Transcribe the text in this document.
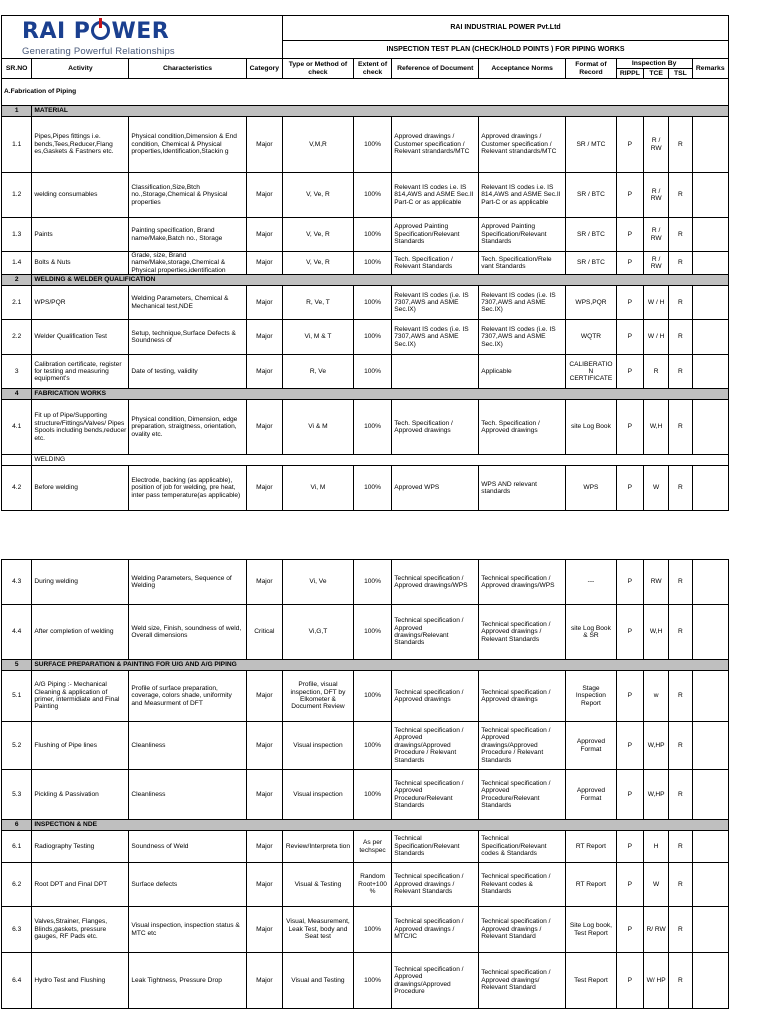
RAI P WER
Generating Powerful Relationships				RAI INDUSTRIAL POWER Pvt.Ltd								
				INSPECTION TEST PLAN (CHECK/HOLD POINTS ) FOR PIPING WORKS								

SR.NO	Activity	Characteristics	Category	Type or Method of check	Extent of check	Reference of Document	Acceptance Norms	Format of Record	Inspection By			Remarks
									RIPPL	TCE	TSL	
A.Fabrication of Piping												
1	MATERIAL											
1.1	Pipes,Pipes fittings i.e. bends,Tees,Reducer,Flang es,Gaskets & Fastners etc.	Physical condition,Dimension & End condition, Chemical & Physical properties,Identification,Stackin g	Major	V,M,R	100%	Approved drawings / Customer specification / Relevant strandards/MTC	Approved drawings / Customer specification / Relevant strandards/MTC	SR / MTC	P	R / RW	R	
1.2	welding consumables	Classification,Size,Btch no.,Storage,Chemical & Physical properties	Major	V, Ve, R	100%	Relevant IS codes i.e. IS 814,AWS and ASME Sec.II Part-C or as applicable	Relevant IS codes i.e. IS 814,AWS and ASME Sec.II Part-C or as applicable	SR / BTC	P	R / RW	R	
1.3	Paints	Painting specification, Brand name/Make,Batch no., Storage	Major	V, Ve, R	100%	Approved Painting Specification/Relevant Standards	Approved Painting Specification/Relevant Standards	SR / BTC	P	R / RW	R	
1.4	Bolts & Nuts	Grade, size, Brand name/Make,storage,Chemical & Physical properties,identification	Major	V, Ve, R	100%	Tech. Specification / Relevant Standards	Tech. Specification/Rele vant Standards	SR / BTC	P	R / RW	R	
2	WELDING & WELDER QUALIFICATION											
2.1	WPS/PQR	Welding Parameters, Chemical & Mechanical test,NDE	Major	R, Ve, T	100%	Relevant IS codes (i.e. IS 7307,AWS and ASME Sec.IX)	Relevant IS codes (i.e. IS 7307,AWS and ASME Sec.IX)	WPS,PQR	P	W / H	R	
2.2	Welder Qualification Test	Setup, technique,Surface Defects & Soundness of	Major	Vi, M & T	100%	Relevant IS codes (i.e. IS 7307,AWS and ASME Sec.IX)	Relevant IS codes (i.e. IS 7307,AWS and ASME Sec.IX)	WQTR	P	W / H	R	
3	Calibration certificate, register for testing and measuring equipment's	Date of testing, validity	Major	R, Ve	100%		Applicable	CALIBERATIO N CERTIFICATE	P	R	R	
4	FABRICATION WORKS											
4.1	Fit up of Pipe/Supporting structure/Fittings/Valves/ Pipes Spools including bends,reducer etc.	Physical condition, Dimension, edge preparation, straigtness, orientation, ovality etc.	Major	Vi & M	100%	Tech. Specification / Approved drawings	Tech. Specification / Approved drawings	site Log Book	P	W,H	R	
	WELDING											
4.2	Before welding	Electrode, backing (as applicable), position of job for welding, pre heat, inter pass temperature(as applicable)	Major	Vi, M	100%	Approved WPS	WPS AND relevant standards	WPS	P	W	R	
4.3	During welding	Welding Parameters, Sequence of Welding	Major	Vi, Ve	100%	Technical specification / Approved drawings/WPS	Technical specification / Approved drawings/WPS	---	P	RW	R	
4.4	After completion of welding	Weld size, Finish, soundness of weld, Overall dimensions	Critical	Vi,G,T	100%	Technical specification / Approved drawings/Relevant Standards	Technical specification / Approved drawings / Relevant Standards	site Log Book & SR	P	W,H	R	
5	SURFACE PREPARATION & PAINTING FOR U/G AND A/G PIPING											
5.1	A/G Piping :- Mechanical Cleaning & application of primer, intermidiate and Final Painting	Profile of surface preparation, coverage, colors shade, uniformity and Measurment of DFT	Major	Profile, visual inspection, DFT by Elkometer & Document Review	100%	Technical specification / Approved drawings	Technical specification / Approved drawings	Stage Inspection Report	P	w	R	
5.2	Flushing of Pipe lines	Cleanliness	Major	Visual inspection	100%	Technical specification / Approved drawings/Approved Procedure / Relevant Standards	Technical specification / Approved drawings/Approved Procedure / Relevant Standards	Approved Format	P	W,HP	R	
5.3	Pickling & Passivation	Cleanliness	Major	Visual inspection	100%	Technical specification / Approved Procedure/Relevant Standards	Technical specification / Approved Procedure/Relevant Standards	Approved Format	P	W,HP	R	
6	INSPECTION & NDE											
6.1	Radiography Testing	Soundness of Weld	Major	Review/Interpreta tion	As per techspec	Technical Specification/Relevant Standards	Technical Specification/Relevant codes & Standards	RT Report	P	H	R	
6.2	Root DPT and Final DPT	Surface defects	Major	Visual & Testing	Random Root+100 %	Technical specification / Approved drawings / Relevant Standards	Technical specification / Relevant codes & Standards	RT Report	P	W	R	
6.3	Valves,Strainer, Flanges, Blinds,gaskets, pressure gauges, RF Pads etc.	Visual inspection, inspection status & MTC etc	Major	Visual, Measurement, Leak Test, body and Seat test	100%	Technical specification / Approved drawings / MTC/IC	Technical specification / Approved drawings / Relevant Standard	Site Log book, Test Report	P	R/ RW	R	
6.4	Hydro Test and Flushing	Leak Tightness, Pressure Drop	Major	Visual and Testing	100%	Technical specification / Approved drawings/Approved Procedure	Technical specification / Approved drawings/ Relevant Standard	Test Report	P	W/ HP	R	
